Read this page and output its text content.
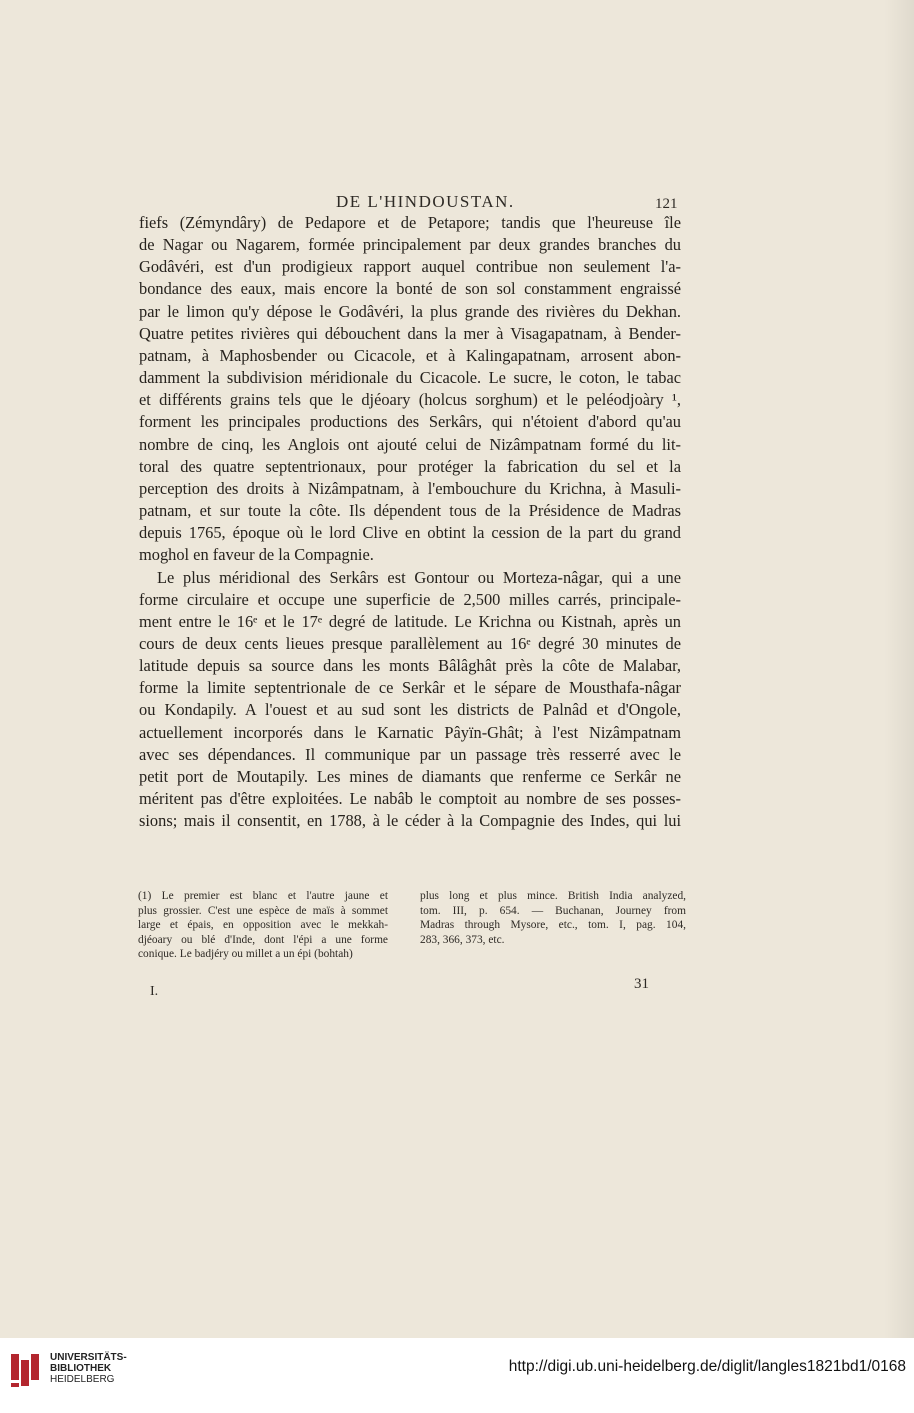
DE L'HINDOUSTAN.	121
fiefs (Zémyndâry) de Pedapore et de Petapore; tandis que l'heureuse île
de Nagar ou Nagarem, formée principalement par deux grandes branches du
Godâvéri, est d'un prodigieux rapport auquel contribue non seulement l'a-
bondance des eaux, mais encore la bonté de son sol constamment engraissé
par le limon qu'y dépose le Godâvéri, la plus grande des rivières du Dekhan.
Quatre petites rivières qui débouchent dans la mer à Visagapatnam, à Bender-
patnam, à Maphosbender ou Cicacole, et à Kalingapatnam, arrosent abon-
damment la subdivision méridionale du Cicacole. Le sucre, le coton, le tabac
et différents grains tels que le djéoary (holcus sorghum) et le peléodjoàry ¹,
forment les principales productions des Serkârs, qui n'étoient d'abord qu'au
nombre de cinq, les Anglois ont ajouté celui de Nizâmpatnam formé du lit-
toral des quatre septentrionaux, pour protéger la fabrication du sel et la
perception des droits à Nizâmpatnam, à l'embouchure du Krichna, à Masuli-
patnam, et sur toute la côte. Ils dépendent tous de la Présidence de Madras
depuis 1765, époque où le lord Clive en obtint la cession de la part du grand
moghol en faveur de la Compagnie.
Le plus méridional des Serkârs est Gontour ou Morteza-nâgar, qui a une
forme circulaire et occupe une superficie de 2,500 milles carrés, principale-
ment entre le 16ᵉ et le 17ᵉ degré de latitude. Le Krichna ou Kistnah, après un
cours de deux cents lieues presque parallèlement au 16ᵉ degré 30 minutes de
latitude depuis sa source dans les monts Bâlâghât près la côte de Malabar,
forme la limite septentrionale de ce Serkâr et le sépare de Mousthafa-nâgar
ou Kondapily. A l'ouest et au sud sont les districts de Palnâd et d'Ongole,
actuellement incorporés dans le Karnatic Pâyïn-Ghât; à l'est Nizâmpatnam
avec ses dépendances. Il communique par un passage très resserré avec le
petit port de Moutapily. Les mines de diamants que renferme ce Serkâr ne
méritent pas d'être exploitées. Le nabâb le comptoit au nombre de ses posses-
sions; mais il consentit, en 1788, à le céder à la Compagnie des Indes, qui lui
(1) Le premier est blanc et l'autre jaune et
plus grossier. C'est une espèce de maïs à sommet
large et épais, en opposition avec le mekkah-
djéoary ou blé d'Inde, dont l'épi a une forme
conique. Le badjéry ou millet a un épi (bohtah)
plus long et plus mince. British India analyzed,
tom. III, p. 654. — Buchanan, Journey from
Madras through Mysore, etc., tom. I, pag. 104,
283, 366, 373, etc.
I.	31
UNIVERSITÄTS-
BIBLIOTHEK
HEIDELBERG
http://digi.ub.uni-heidelberg.de/diglit/langles1821bd1/0168
